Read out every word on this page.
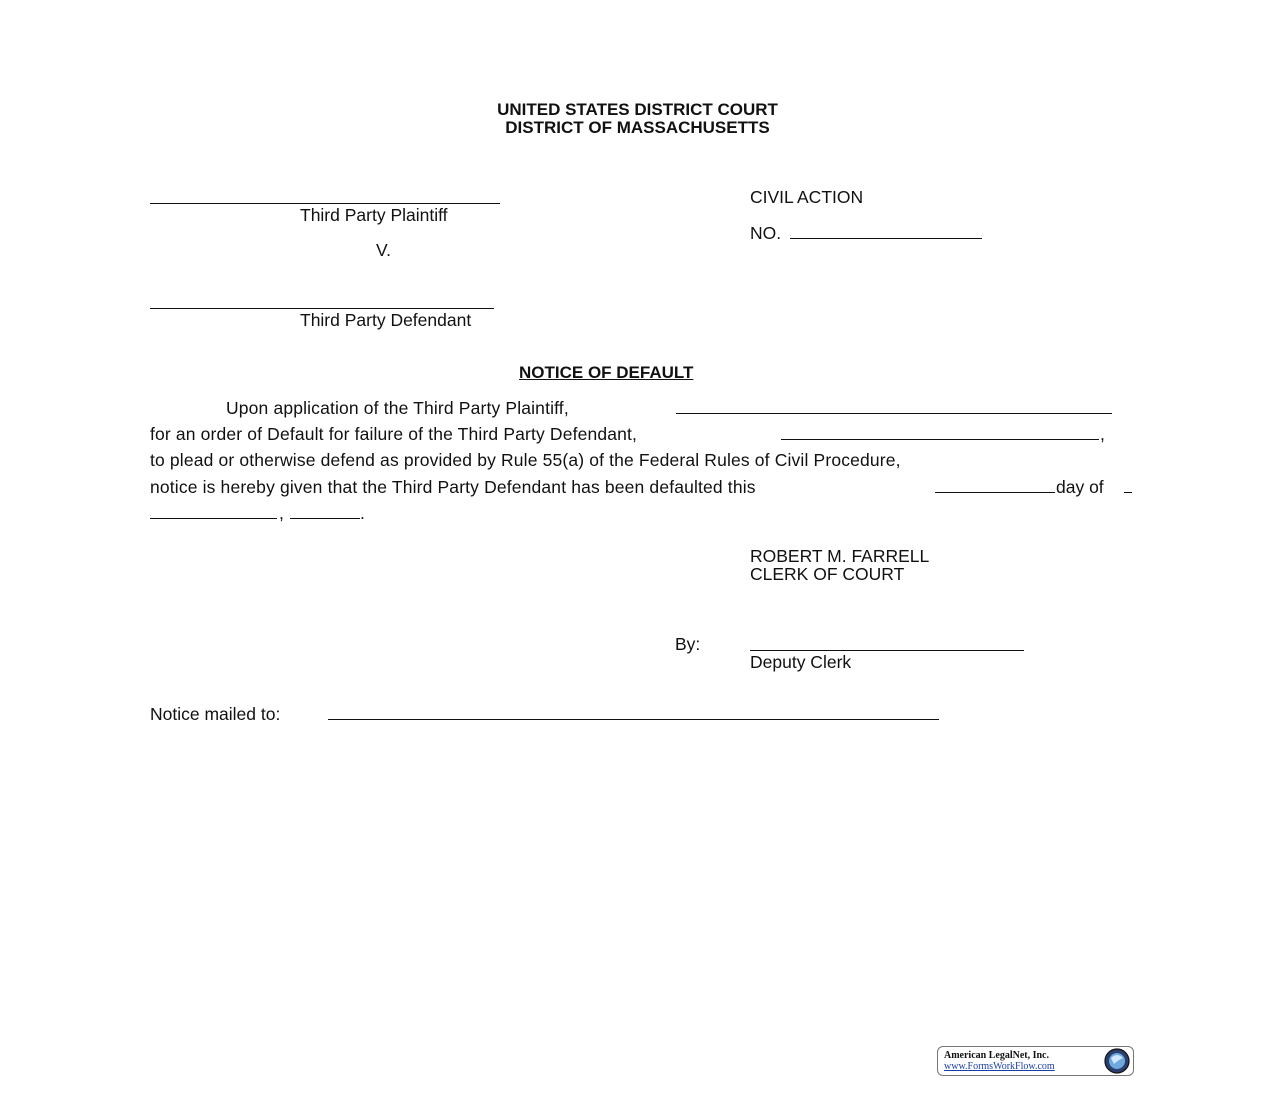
UNITED STATES DISTRICT COURT
DISTRICT OF MASSACHUSETTS
Third Party Plaintiff
V.
Third Party Defendant
CIVIL ACTION
NO.
NOTICE OF DEFAULT
Upon application of the Third Party Plaintiff,
for an order of Default for failure of the Third Party Defendant,	,
to plead or otherwise defend as provided by Rule 55(a) of the Federal Rules of Civil Procedure,
notice is hereby given that the Third Party Defendant has been defaulted this	day of
,	.
ROBERT M. FARRELL
CLERK OF COURT
By:
Deputy Clerk
Notice mailed to:
American LegalNet, Inc.
www.FormsWorkFlow.com
